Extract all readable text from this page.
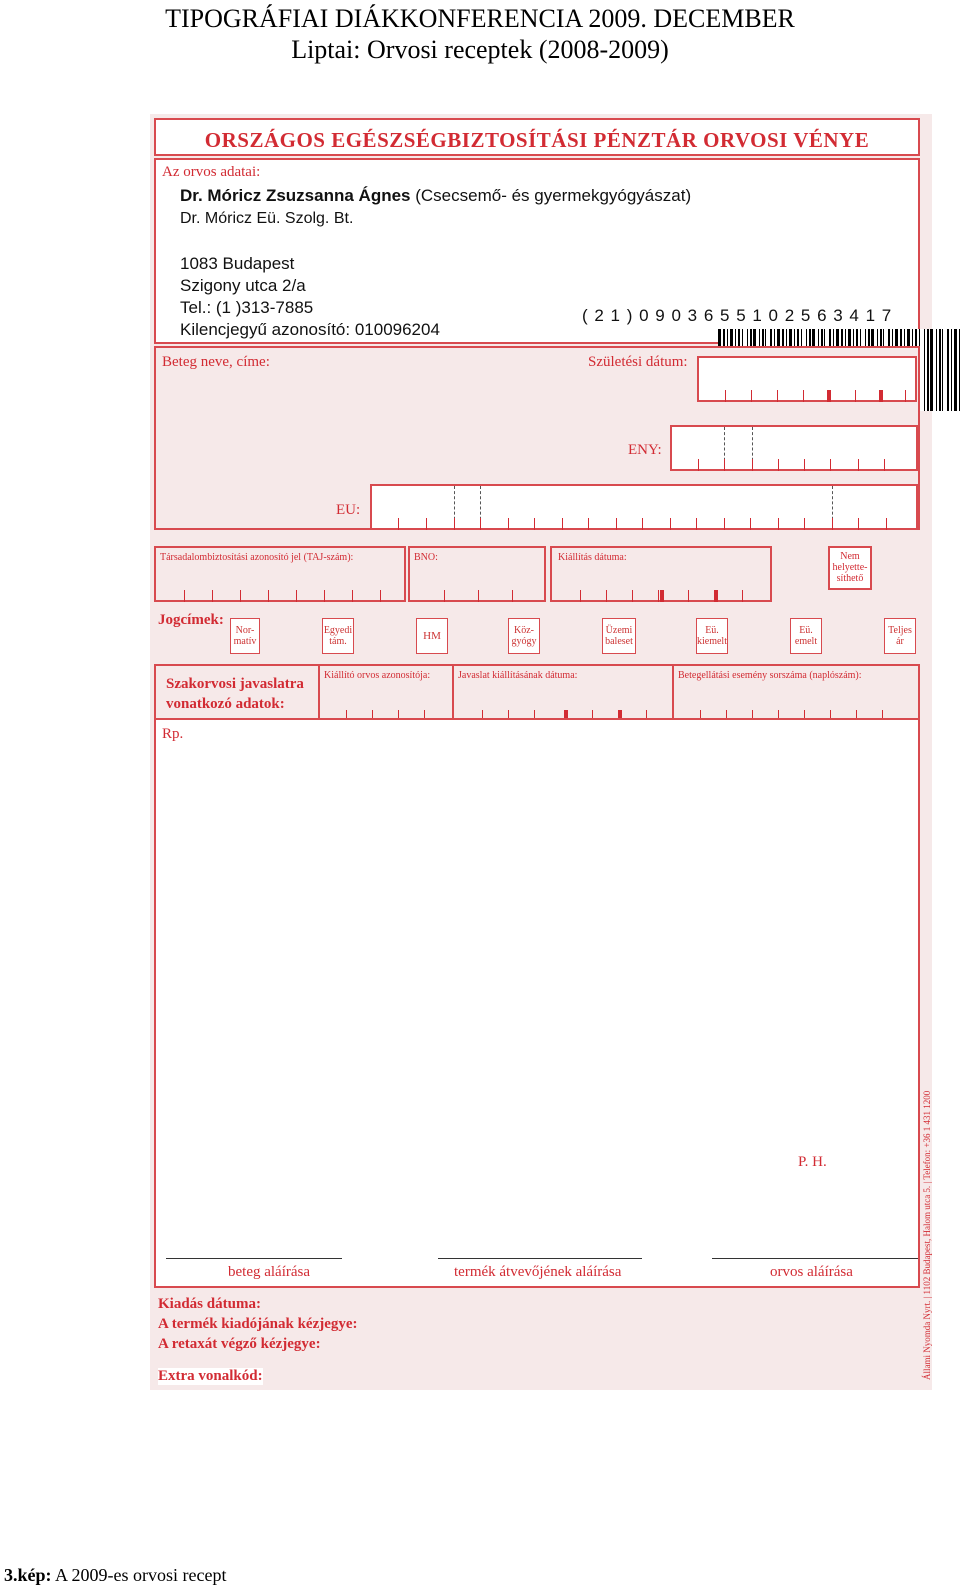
TIPOGRÁFIAI DIÁKKONFERENCIA 2009. DECEMBER
Liptai: Orvosi receptek (2008-2009)
ORSZÁGOS EGÉSZSÉGBIZTOSÍTÁSI PÉNZTÁR ORVOSI VÉNYE
Az orvos adatai:
Dr. Móricz Zsuzsanna Ágnes (Csecsemő- és gyermekgyógyászat)
Dr. Móricz Eü. Szolg. Bt.
1083 Budapest
Szigony utca 2/a
Tel.: (1 )313-7885
Kilencjegyű azonosító: 010096204
( 2 1 ) 0 9 0 3 6 5 5 1 0 2 5 6 3 4 1 7
Beteg neve, címe:	Születési dátum:
ENY:
EU:
Társadalombiztosítási azonosító jel (TAJ-szám):	BNO:	Kiállítás dátuma:	Nem helyette-síthető
Jogcímek:
Nor-matív
Egyedi tám.	HM	Köz-gyógy
Üzemi baleset
Eü. kiemelt
Eü. emelt
Teljes ár
Szakorvosi javaslatra
vonatkozó adatok:
Kiállító orvos azonosítója:	Javaslat kiállításának dátuma:	Betegellátási esemény sorszáma (naplószám):
Rp.
P. H.
beteg aláírása	termék átvevőjének aláírása	orvos aláírása
Kiadás dátuma:
A termék kiadójának kézjegye:
A retaxát végző kézjegye:
Extra vonalkód:	Állami Nyomda Nyrt. | 1102 Budapest, Halom utca 5. | Telefon: +36 1 431 1200
3.kép: A 2009-es orvosi recept
